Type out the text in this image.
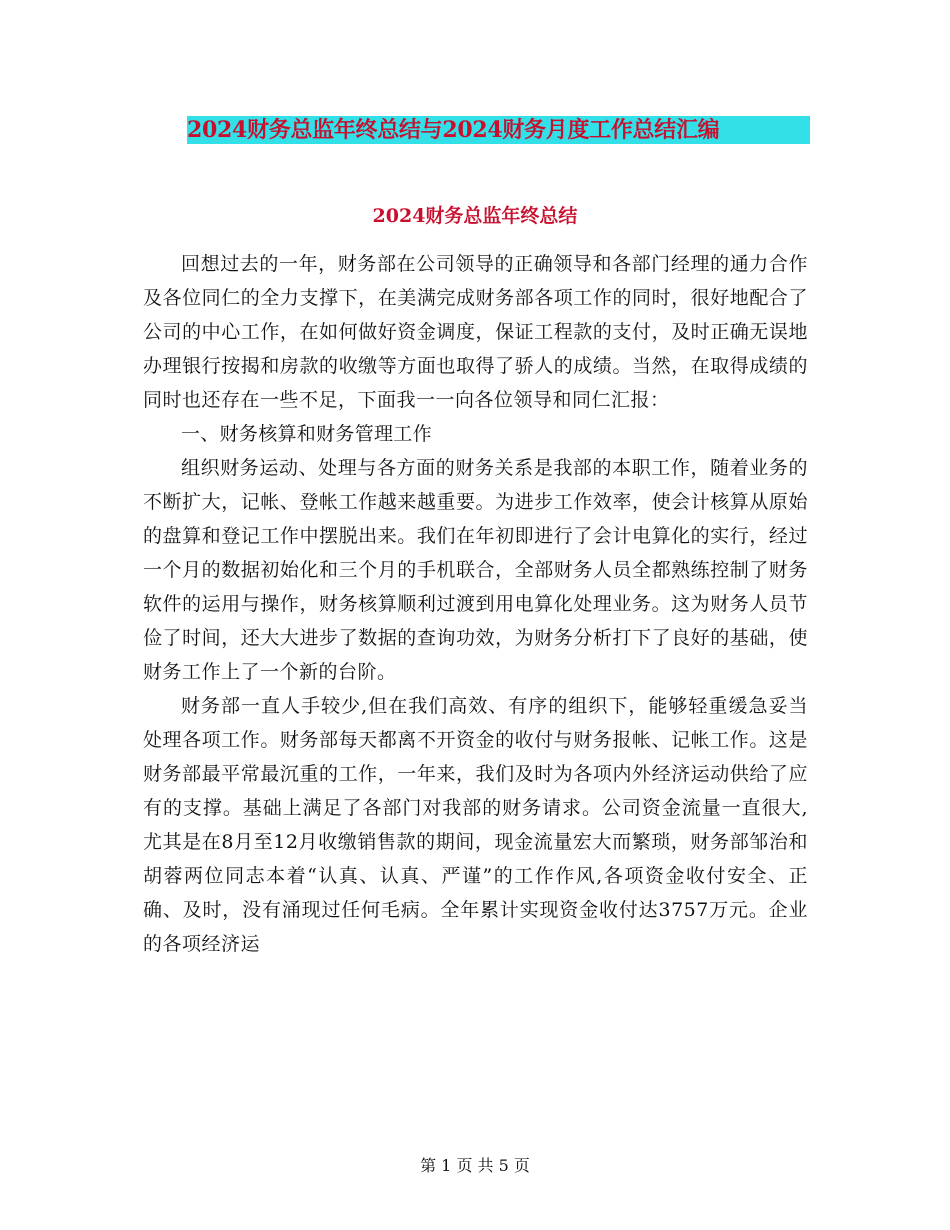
2024财务总监年终总结与2024财务月度工作总结汇编
2024财务总监年终总结

回想过去的一年，财务部在公司领导的正确领导和各部门经理的通力合作及各位同仁的全力支撑下，在美满完成财务部各项工作的同时，很好地配合了公司的中心工作，在如何做好资金调度，保证工程款的支付，及时正确无误地办理银行按揭和房款的收缴等方面也取得了骄人的成绩。当然，在取得成绩的同时也还存在一些不足，下面我一一向各位领导和同仁汇报：

一、财务核算和财务管理工作

组织财务运动、处理与各方面的财务关系是我部的本职工作，随着业务的不断扩大，记帐、登帐工作越来越重要。为进步工作效率，使会计核算从原始的盘算和登记工作中摆脱出来。我们在年初即进行了会计电算化的实行，经过一个月的数据初始化和三个月的手机联合，全部财务人员全都熟练控制了财务软件的运用与操作，财务核算顺利过渡到用电算化处理业务。这为财务人员节俭了时间，还大大进步了数据的查询功效，为财务分析打下了良好的基础，使财务工作上了一个新的台阶。

财务部一直人手较少,但在我们高效、有序的组织下，能够轻重缓急妥当处理各项工作。财务部每天都离不开资金的收付与财务报帐、记帐工作。这是财务部最平常最沉重的工作，一年来，我们及时为各项内外经济运动供给了应有的支撑。基础上满足了各部门对我部的财务请求。公司资金流量一直很大,尤其是在8月至12月收缴销售款的期间，现金流量宏大而繁琐，财务部邹治和胡蓉两位同志本着“认真、认真、严谨”的工作作风,各项资金收付安全、正确、及时，没有涌现过任何毛病。全年累计实现资金收付达3757万元。企业的各项经济运

第 1 页 共 5 页
